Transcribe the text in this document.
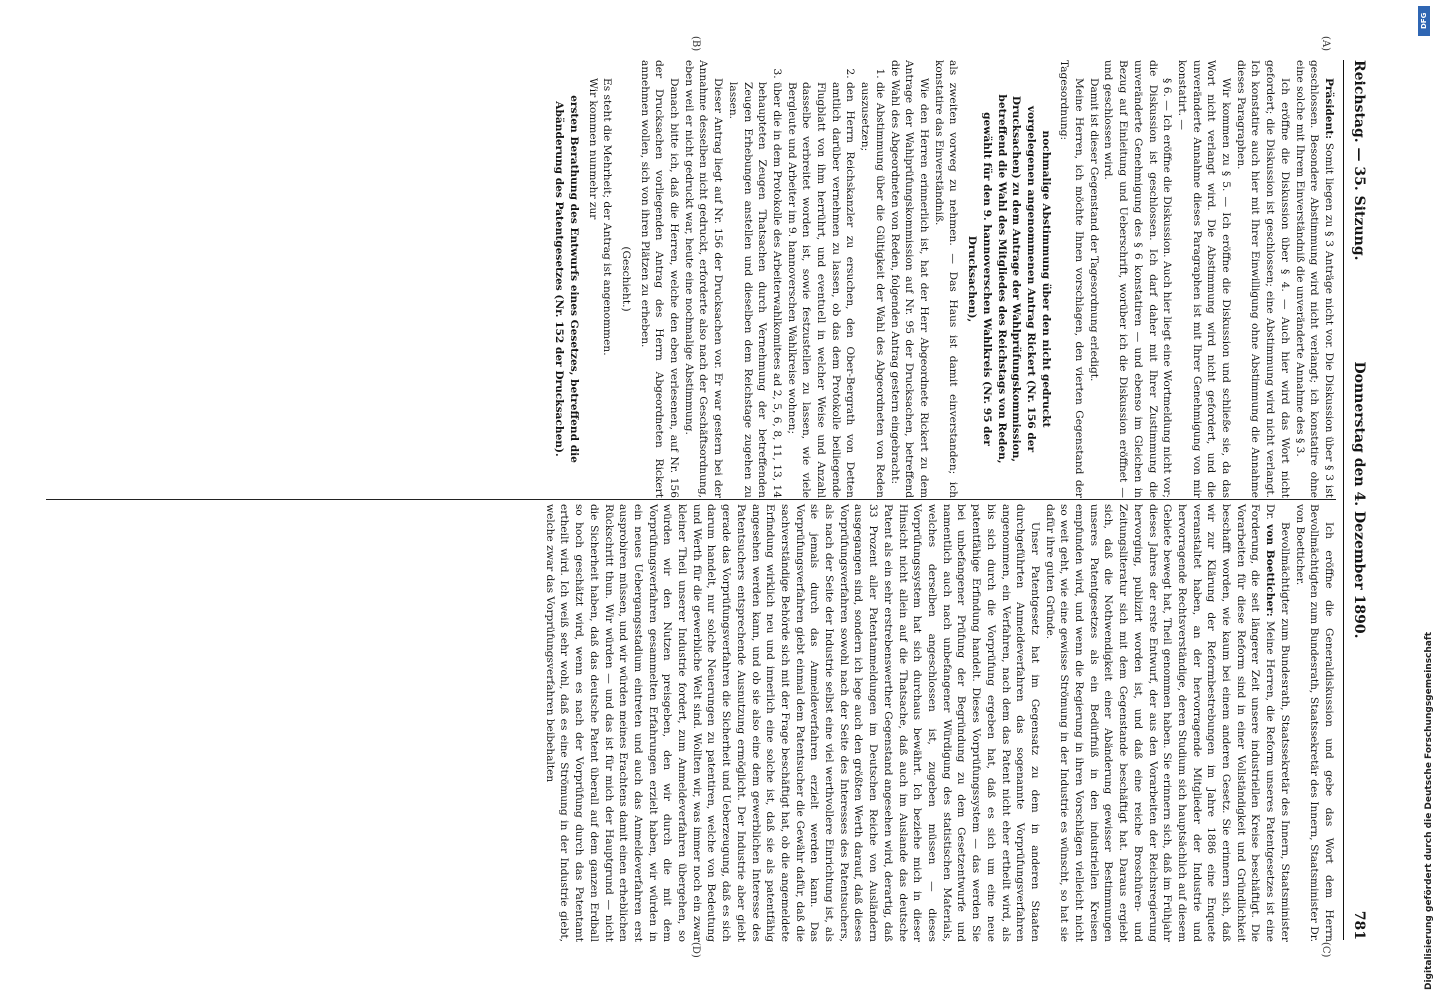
Reichstag. — 35. Sitzung.
Donnerstag den 4. Dezember 1890.
781
(A)
(B)
(C)
(D)

Präsident: Somit liegen zu § 3 Anträge nicht vor. Die Diskussion über § 3 ist geschlossen. Besondere Abstimmung wird nicht verlangt; ich konstatire ohne eine solche mit Ihrem Einverständniß die unveränderte Annahme des § 3.

Ich eröffne die Diskussion über § 4. — Auch hier wird das Wort nicht gefordert; die Diskussion ist geschlossen; eine Abstimmung wird nicht verlangt. Ich konstatire auch hier mit Ihrer Einwilligung ohne Abstimmung die Annahme dieses Paragraphen.

Wir kommen zu § 5. — Ich eröffne die Diskussion und schließe sie, da das Wort nicht verlangt wird. Die Abstimmung wird nicht gefordert, und die unveränderte Annahme dieses Paragraphen ist mit Ihrer Genehmigung von mir konstatirt. —

§ 6. — Ich eröffne die Diskussion. Auch hier liegt eine Wortmeldung nicht vor; die Diskussion ist geschlossen. Ich darf daher mit Ihrer Zustimmung die unveränderte Genehmigung des § 6 konstatiren — und ebenso im Gleichen in Bezug auf Einleitung und Ueberschrift, worüber ich die Diskussion eröffnet — und geschlossen wird.

Damit ist dieser Gegenstand der Tagesordnung erledigt.

Meine Herren, ich möchte Ihnen vorschlagen, den vierten Gegenstand der Tagesordnung:

nochmalige Abstimmung über den nicht gedruckt vorgelegenen angenommenen Antrag Rickert (Nr. 156 der Drucksachen) zu dem Antrage der Wahlprüfungskommission, betreffend die Wahl des Mitgliedes des Reichstags von Reden, gewählt für den 9. hannoverschen Wahlkreis (Nr. 95 der Drucksachen),

als zweiten vorweg zu nehmen. — Das Haus ist damit einverstanden; ich konstatire das Einverständniß.

Wie den Herren erinnerlich ist, hat der Herr Abgeordnete Rickert zu dem Antrage der Wahlprüfungskommission auf Nr. 95 der Drucksachen, betreffend die Wahl des Abgeordneten von Reden, folgenden Antrag gestern eingebracht:

1. die Abstimmung über die Gültigkeit der Wahl des Abgeordneten von Reden auszusetzen;
2. den Herrn Reichskanzler zu ersuchen, den Ober-Bergrath von Detten amtlich darüber vernehmen zu lassen, ob das dem Protokolle beiliegende Flugblatt von ihm herrührt, und eventuell in welcher Weise und Anzahl dasselbe verbreitet worden ist, sowie festzustellen zu lassen, wie viele Bergleute und Arbeiter im 9. hannoverschen Wahlkreise wohnen;
3. über die in dem Protokolle des Arbeiterwahlkomitees ad 2, 5, 6, 8, 11, 13, 14 behaupteten Zeugen Thatsachen durch Vernehmung der betreffenden Zeugen Erhebungen anstellen und dieselben dem Reichstage zugehen zu lassen.

Dieser Antrag liegt auf Nr. 156 der Drucksachen vor. Er war gestern bei der Annahme desselben nicht gedruckt, erforderte also nach der Geschäftsordnung, eben weil er nicht gedruckt war, heute eine nochmalige Abstimmung.

Danach bitte ich, daß die Herren, welche den eben verlesenen, auf Nr. 156 der Drucksachen vorliegenden Antrag des Herrn Abgeordneten Rickert annehmen wollen, sich von ihren Plätzen zu erheben.

(Geschieht.)

Es steht die Mehrheit; der Antrag ist angenommen.

Wir kommen nunmehr zur

ersten Berathung des Entwurfs eines Gesetzes, betreffend die Abänderung des Patentgesetzes (Nr. 152 der Drucksachen).

Ich eröffne die Generaldiskussion und gebe das Wort dem Herrn Bevollmächtigten zum Bundesrath, Staatssekretär des Innern, Staatsminister Dr. von Boetticher.

Bevollmächtigter zum Bundesrath, Staatssekretär des Innern, Staatsminister Dr. von Boetticher: Meine Herren, die Reform unseres Patentgesetzes ist eine Forderung, die seit längerer Zeit unsere industriellen Kreise beschäftigt. Die Vorarbeiten für diese Reform sind in einer Vollständigkeit und Gründlichkeit beschafft worden, wie kaum bei einem anderen Gesetz. Sie erinnern sich, daß wir zur Klärung der Reformbestrebungen im Jahre 1886 eine Enquete veranstaltet haben, an der hervorragende Mitglieder der Industrie und hervorragende Rechtsverständige, deren Studium sich hauptsächlich auf diesem Gebiete bewegt hat, Theil genommen haben. Sie erinnern sich, daß im Frühjahr dieses Jahres der erste Entwurf, der aus den Vorarbeiten der Reichsregierung hervorging, publizirt worden ist, und daß eine reiche Broschüren- und Zeitungsliteratur sich mit dem Gegenstande beschäftigt hat. Daraus ergiebt sich, daß die Nothwendigkeit einer Abänderung gewisser Bestimmungen unseres Patentgesetzes als ein Bedürfniß in den industriellen Kreisen empfunden wird, und wenn die Regierung in ihren Vorschlägen vielleicht nicht so weit geht, wie eine gewisse Strömung in der Industrie es wünscht, so hat sie dafür ihre guten Gründe.

Unser Patentgesetz hat im Gegensatz zu dem in anderen Staaten durchgeführten Anmeldeverfahren das sogenannte Vorprüfungsverfahren angenommen, ein Verfahren, nach dem das Patent nicht eher ertheilt wird, als bis sich durch die Vorprüfung ergeben hat, daß es sich um eine neue patentfähige Erfindung handelt. Dieses Vorprüfungssystem — das werden Sie bei unbefangener Prüfung der Begründung zu dem Gesetzentwurfe und namentlich auch nach unbefangener Würdigung des statistischen Materials, welches derselben angeschlossen ist, zugeben müssen — dieses Vorprüfungssystem hat sich durchaus bewährt. Ich beziehe mich in dieser Hinsicht nicht allein auf die Thatsache, daß auch im Auslande das deutsche Patent als ein sehr erstrebenswerther Gegenstand angesehen wird, derartig, daß 33 Prozent aller Patentanmeldungen im Deutschen Reiche von Ausländern ausgegangen sind, sondern ich lege auch den größten Werth darauf, daß dieses Vorprüfungsverfahren sowohl nach der Seite des Interesses des Patentsuchers, als nach der Seite der Industrie selbst eine viel werthvollere Einrichtung ist, als sie jemals durch das Anmeldeverfahren erzielt werden kann. Das Vorprüfungsverfahren giebt einmal dem Patentsucher die Gewähr dafür, daß die sachverständige Behörde sich mit der Frage beschäftigt hat, ob die angemeldete Erfindung wirklich neu und innerlich eine solche ist, daß sie als patentfähig angesehen werden kann, und ob sie also eine dem gewerblichen Interesse des Patentsuchers entsprechende Ausnutzung ermöglicht. Der Industrie aber giebt gerade das Vorprüfungsverfahren die Sicherheit und Ueberzeugung, daß es sich darum handelt, nur solche Neuerungen zu patentiren, welche von Bedeutung und Werth für die gewerbliche Welt sind. Wollten wir, was immer noch ein zwar kleiner Theil unserer Industrie fordert, zum Anmeldeverfahren übergehen, so würden wir den Nutzen preisgeben, den wir durch die mit dem Vorprüfungsverfahren gesammelten Erfahrungen erzielt haben, wir würden in ein neues Uebergangsstadium eintreten und auch das Anmeldeverfahren erst ausprobiren müssen, und wir würden meines Erachtens damit einen erheblichen Rückschritt thun. Wir würden — und das ist für mich der Hauptgrund — nicht die Sicherheit haben, daß das deutsche Patent überall auf dem ganzen Erdball so hoch geschätzt wird, wenn es nach der Vorprüfung durch das Patentamt ertheilt wird. Ich weiß sehr wohl, daß es eine Strömung in der Industrie giebt, welche zwar das Vorprüfungsverfahren beibehalten

DFG
Digitalisierung gefördert durch die Deutsche Forschungsgemeinschaft
